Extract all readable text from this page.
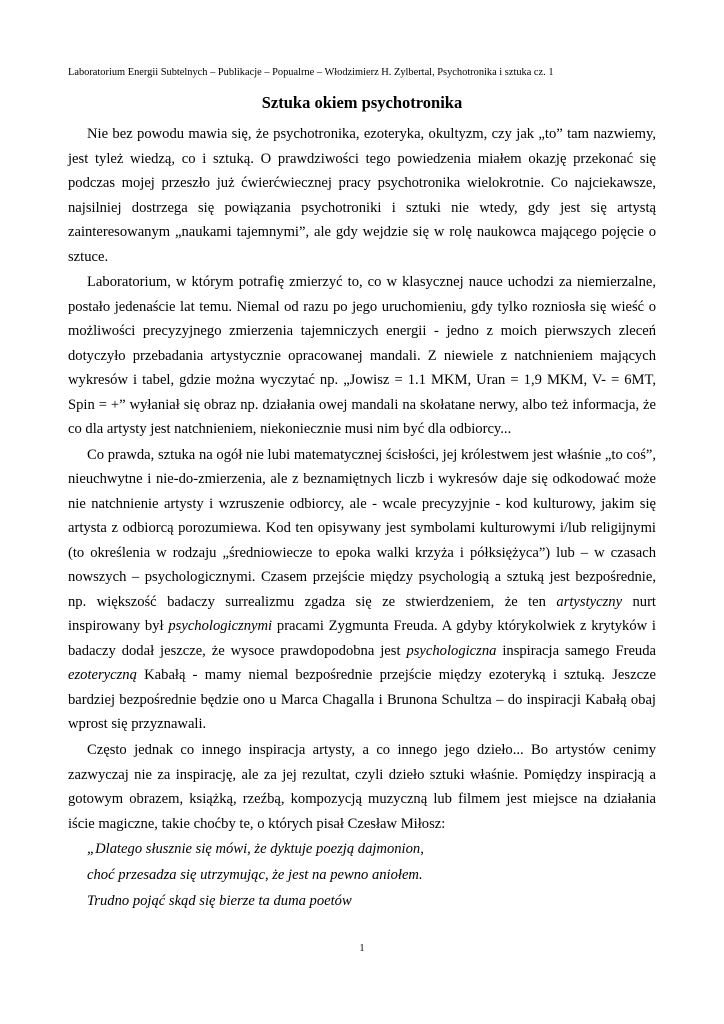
Laboratorium Energii Subtelnych – Publikacje – Popualrne – Włodzimierz H. Zylbertal, Psychotronika i sztuka cz. 1
Sztuka okiem psychotronika

Nie bez powodu mawia się, że psychotronika, ezoteryka, okultyzm, czy jak „to” tam nazwiemy, jest tyleż wiedzą, co i sztuką. O prawdziwości tego powiedzenia miałem okazję przekonać się podczas mojej przeszło już ćwierćwiecznej pracy psychotronika wielokrotnie. Co najciekawsze, najsilniej dostrzega się powiązania psychotroniki i sztuki nie wtedy, gdy jest się artystą zainteresowanym „naukami tajemnymi”, ale gdy wejdzie się w rolę naukowca mającego pojęcie o sztuce.

Laboratorium, w którym potrafię zmierzyć to, co w klasycznej nauce uchodzi za niemierzalne, postało jedenaście lat temu. Niemal od razu po jego uruchomieniu, gdy tylko rozniosła się wieść o możliwości precyzyjnego zmierzenia tajemniczych energii - jedno z moich pierwszych zleceń dotyczyło przebadania artystycznie opracowanej mandali. Z niewiele z natchnieniem mających wykresów i tabel, gdzie można wyczytać np. „Jowisz = 1.1 MKM, Uran = 1,9 MKM, V- = 6MT, Spin = +” wyłaniał się obraz np. działania owej mandali na skołatane nerwy, albo też informacja, że co dla artysty jest natchnieniem, niekoniecznie musi nim być dla odbiorcy...

Co prawda, sztuka na ogół nie lubi matematycznej ścisłości, jej królestwem jest właśnie „to coś”, nieuchwytne i nie-do-zmierzenia, ale z beznamiętnych liczb i wykresów daje się odkodować może nie natchnienie artysty i wzruszenie odbiorcy, ale - wcale precyzyjnie - kod kulturowy, jakim się artysta z odbiorcą porozumiewa. Kod ten opisywany jest symbolami kulturowymi i/lub religijnymi (to określenia w rodzaju „średniowiecze to epoka walki krzyża i półksiężyca”) lub – w czasach nowszych – psychologicznymi. Czasem przejście między psychologią a sztuką jest bezpośrednie, np. większość badaczy surrealizmu zgadza się ze stwierdzeniem, że ten artystyczny nurt inspirowany był psychologicznymi pracami Zygmunta Freuda. A gdyby którykolwiek z krytyków i badaczy dodał jeszcze, że wysoce prawdopodobna jest psychologiczna inspiracja samego Freuda ezoteryczną Kabałą - mamy niemal bezpośrednie przejście między ezoteryką i sztuką. Jeszcze bardziej bezpośrednie będzie ono u Marca Chagalla i Brunona Schultza – do inspiracji Kabałą obaj wprost się przyznawali.

Często jednak co innego inspiracja artysty, a co innego jego dzieło... Bo artystów cenimy zazwyczaj nie za inspirację, ale za jej rezultat, czyli dzieło sztuki właśnie. Pomiędzy inspiracją a gotowym obrazem, książką, rzeźbą, kompozycją muzyczną lub filmem jest miejsce na działania iście magiczne, takie choćby te, o których pisał Czesław Miłosz:

„Dlatego słusznie się mówi, że dyktuje poezją dajmonion,

choć przesadza się utrzymując, że jest na pewno aniołem.

Trudno pojąć skąd się bierze ta duma poetów

1
